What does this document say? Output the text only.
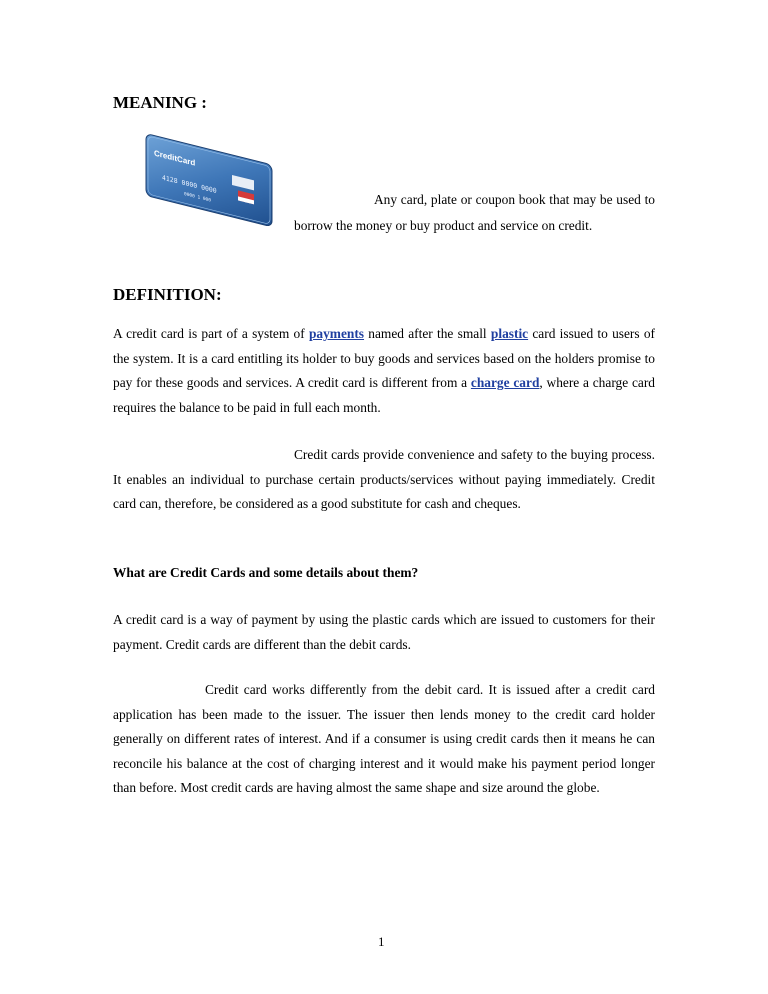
MEANING :
CreditCard
4128 0000 0000
CASH
0000 1 000	Any card, plate or coupon book that may be used to borrow the money or buy product and service on credit.

DEFINITION:

A credit card is part of a system of payments named after the small plastic card issued to users of the system. It is a card entitling its holder to buy goods and services based on the holders promise to pay for these goods and services. A credit card is different from a charge card, where a charge card requires the balance to be paid in full each month.

Credit cards provide convenience and safety to the buying process. It enables an individual to purchase certain products/services without paying immediately. Credit card can, therefore, be considered as a good substitute for cash and cheques.

What are Credit Cards and some details about them?

A credit card is a way of payment by using the plastic cards which are issued to customers for their payment. Credit cards are different than the debit cards.

Credit card works differently from the debit card. It is issued after a credit card application has been made to the issuer. The issuer then lends money to the credit card holder generally on different rates of interest. And if a consumer is using credit cards then it means he can reconcile his balance at the cost of charging interest and it would make his payment period longer than before. Most credit cards are having almost the same shape and size around the globe.

1
